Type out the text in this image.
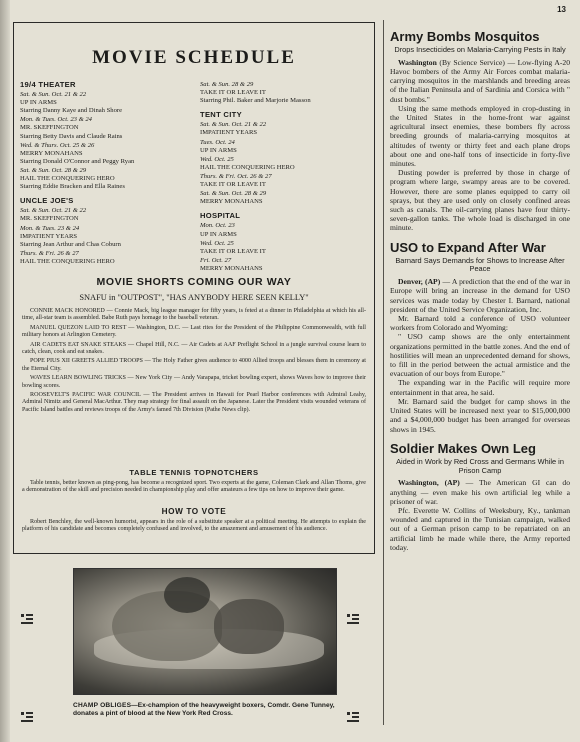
13
MOVIE SCHEDULE
19/4 THEATER
Sat. & Sun. Oct. 21 & 22
UP IN ARMS
Starring Danny Kaye and Dinah Shore
Mon. & Tues. Oct. 23 & 24
MR. SKEFFINGTON
Starring Betty Davis and Claude Rains
Wed. & Thurs. Oct. 25 & 26
MERRY MONAHANS
Starring Donald O'Connor and Peggy Ryan
Sat. & Sun. Oct. 28 & 29
HAIL THE CONQUERING HERO
Starring Eddie Bracken and Ella Raines
UNCLE JOE'S
Sat. & Sun. Oct. 21 & 22
MR. SKEFFINGTON
Mon. & Tues. 23 & 24
IMPATIENT YEARS
Starring Jean Arthur and Chas Coburn
Thurs. & Fri. 26 & 27
HAIL THE CONQUERING HERO
Sat. & Sun. 28 & 29
TAKE IT OR LEAVE IT
Starring Phil. Baker and Marjorie Masson
TENT CITY
Sat. & Sun. Oct. 21 & 22
IMPATIENT YEARS
Tues. Oct. 24
UP IN ARMS
Wed. Oct. 25
HAIL THE CONQUERING HERO
Thurs. & Fri. Oct. 26 & 27
TAKE IT OR LEAVE IT
Sat. & Sun. Oct. 28 & 29
MERRY MONAHANS
HOSPITAL
Mon. Oct. 23
UP IN ARMS
Wed. Oct. 25
TAKE IT OR LEAVE IT
Fri. Oct. 27
MERRY MONAHANS
MOVIE SHORTS COMING OUR WAY
SNAFU in "OUTPOST", "HAS ANYBODY HERE SEEN KELLY"

CONNIE MACK HONORED — Connie Mack, big league manager for fifty years, is feted at a dinner in Philadelphia at which his all-time, all-star team is assembled. Babe Ruth pays homage to the baseball veteran.

MANUEL QUEZON LAID TO REST — Washington, D.C. — Last rites for the President of the Philippine Commonwealth, with full military honors at Arlington Cemetery.

AIR CADETS EAT SNAKE STEAKS — Chapel Hill, N.C. — Air Cadets at AAF Preflight School in a jungle survival course learn to catch, clean, cook and eat snakes.

POPE PIUS XII GREETS ALLIED TROOPS — The Holy Father gives audience to 4000 Allied troops and blesses them in ceremony at the Eternal City.

WAVES LEARN BOWLING TRICKS — New York City — Andy Varapapa, tricket bowling expert, shows Waves how to improve their bowling scores.

ROOSEVELT'S PACIFIC WAR COUNCIL — The President arrives in Hawaii for Pearl Harbor conferences with Admiral Leahy, Admiral Nimitz and General MacArthur. They map strategy for final assault on the Japanese. Later the President visits wounded veterans of Pacific Island battles and reviews troops of the Army's famed 7th Division (Pathe News clip).

TABLE TENNIS TOPNOTCHERS

Table tennis, better known as ping-pong, has become a recognized sport. Two experts at the game, Coleman Clark and Allan Thoms, give a demonstration of the skill and precision needed in championship play and offer amateurs a few tips on how to improve their game.

HOW TO VOTE

Robert Benchley, the well-known humorist, appears in the role of a substitute speaker at a political meeting. He attempts to explain the platform of his candidate and becomes completely confused and involved, to the amazement and amusement of his audience.

CHAMP OBLIGES—Ex-champion of the heavyweight boxers, Comdr. Gene Tunney, donates a pint of blood at the New York Red Cross.
Army Bombs Mosquitos
Drops Insecticides on Malaria-Carrying Pests in Italy

Washington (By Science Service) — Low-flying A-20 Havoc bombers of the Army Air Forces combat malaria-carrying mosquitos in the marshlands and breeding areas of the Italian Peninsula and of Sardinia and Corsica with " dust bombs."

Using the same methods employed in crop-dusting in the United States in the home-front war against agricultural insect enemies, these bombers fly across breeding grounds of malaria-carrying mosquitos at altitudes of twenty or thirty feet and each plane drops about one and one-half tons of insecticide in forty-five minutes.

Dusting powder is preferred by those in charge of program where large, swampy areas are to be covered. However, there are some planes equipped to carry oil sprays, but they are used only on closely confined areas such as canals. The oil-carrying planes have four thirty-seven-gallon tanks. The whole load is discharged in one minute.

USO to Expand After War
Barnard Says Demands for Shows to Increase After Peace

Denver, (AP) — A prediction that the end of the war in Europe will bring an increase in the demand for USO services was made today by Chester I. Barnard, national president of the United Service Organization, Inc.

Mr. Barnard told a conference of USO volunteer workers from Colorado and Wyoming:

" USO camp shows are the only entertainment organizations permitted in the battle zones. And the end of hostilities will mean an unprecedented demand for shows, to fill in the period between the actual armistice and the evacuation of our boys from Europe."

The expanding war in the Pacific will require more entertainment in that area, he said.

Mr. Barnard said the budget for camp shows in the United States will be increased next year to $15,000,000 and a $4,000,000 budget has been arranged for overseas shows in 1945.

Soldier Makes Own Leg
Aided in Work by Red Cross and Germans While in Prison Camp

Washington, (AP) — The American GI can do anything — even make his own artificial leg while a prisoner of war.

Pfc. Everette W. Collins of Weeksbury, Ky., tankman wounded and captured in the Tunisian campaign, walked out of a German prison camp to be repatriated on an artificial limb he made while there, the Army reported today.
